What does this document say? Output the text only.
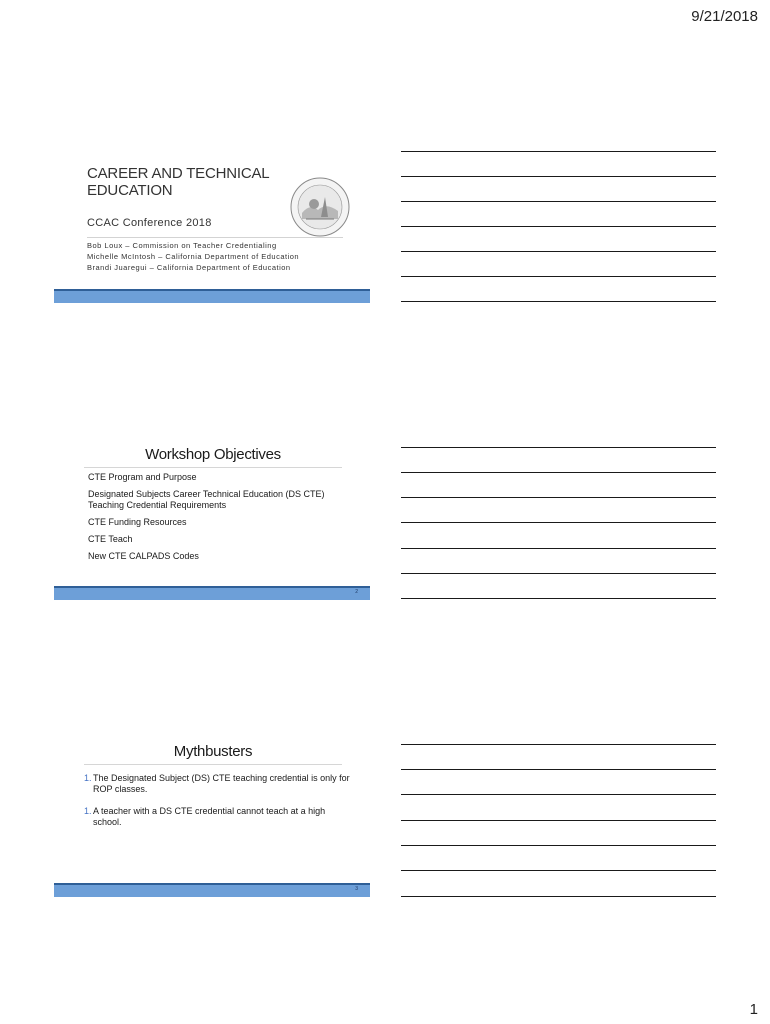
9/21/2018
CAREER AND TECHNICAL EDUCATION
CCAC Conference 2018
Bob Loux – Commission on Teacher Credentialing
Michelle McIntosh – California Department of Education
Brandi Juaregui – California Department of Education
Workshop Objectives
CTE Program and Purpose
Designated Subjects Career Technical Education (DS CTE) Teaching Credential Requirements
CTE Funding Resources
CTE Teach
New CTE CALPADS Codes
2
Mythbusters
1. The Designated Subject (DS) CTE teaching credential is only for ROP classes.
1. A teacher with a DS CTE credential cannot teach at a high school.
3
1
